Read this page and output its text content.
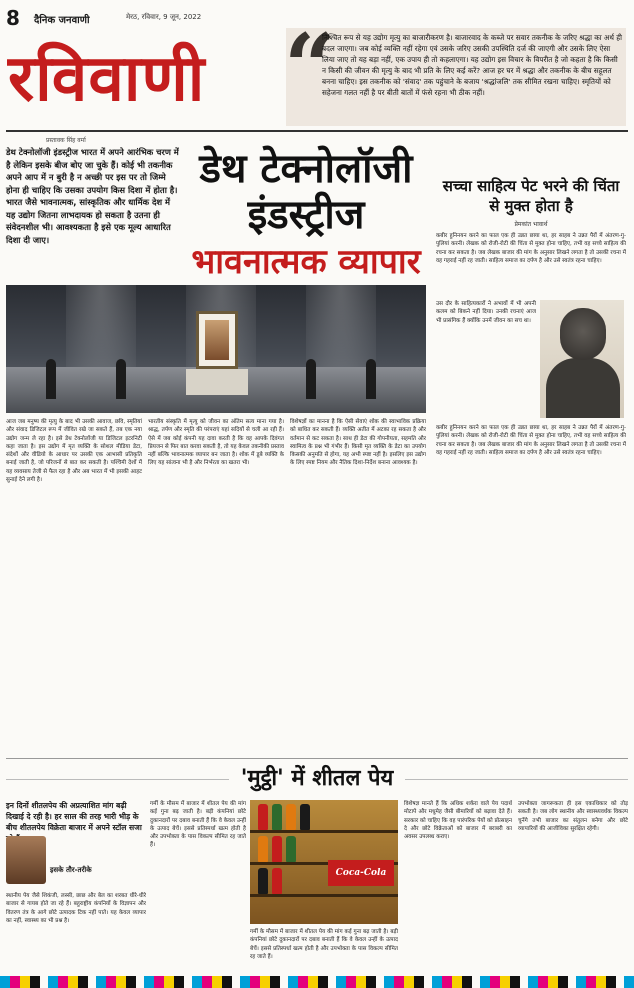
8 दैनिक जनवाणी	मेरठ, रविवार, 9 जून, 2022
रविवाणी “
निश्चित रूप से यह उद्योग मृत्यु का बाजारीकरण है। बाजारवाद के कब्जे पर सवार तकनीक के जरिए श्रद्धा का अर्थ ही बदल जाएगा। जब कोई व्यक्ति नहीं रहेगा एवं उसके जरिए उसकी उपस्थिति दर्ज की जाएगी और उसके लिए ऐसा लिया जाए तो यह बड़ा नहीं, एक उपाय ही तो कहलाएगा। यह उद्योग इस विचार के विपरीत है जो कहता है कि किसी न किसी की जीवन की मृत्यु के बाद भी प्रति के लिए कई करें? आज हर घर में श्रद्धा और तकनीक के बीच सहूलत बनना चाहिए। इस तकनीक को 'संवाद' तक पहुंचाने के बजाय 'श्रद्धांजलि' तक सीमित रखना चाहिए। स्मृतियों को सहेजना गलत नहीं है पर बीती बातों में फंसे रहना भी ठीक नहीं।
प्रस्तावक सिंह वर्मा
डेथ टेक्नोलॉजी इंडस्ट्रीज भारत में अपने आरंभिक चरण में है लेकिन इसके बीज बोए जा चुके हैं। कोई भी तकनीक अपने आप में न बुरी है न अच्छी पर इस पर तो जिम्मे होना ही चाहिए कि उसका उपयोग किस दिशा में होता है। भारत जैसे भावनात्मक, सांस्कृतिक और धार्मिक देश में यह उद्योग जितना लाभदायक हो सकता है उतना ही संवेदनशील भी। आवश्यकता है इसे एक मूल्य आधारित दिशा दी जाए।
डेथ टेक्नोलॉजी
इंडस्ट्रीज
भावनात्मक व्यापार
आज जब मनुष्य की मृत्यु के बाद भी उसकी आवाज, छवि, स्मृतियां और संवाद डिजिटल रूप में जीवित रखे जा सकते हैं, तब एक नया उद्योग जन्म ले रहा है। इसे डेथ टेक्नोलॉजी या डिजिटल इटरनिटी कहा जाता है। इस उद्योग में मृत व्यक्ति के सोशल मीडिया डेटा, संदेशों और वीडियो के आधार पर उसकी एक आभासी प्रतिकृति बनाई जाती है, जो परिजनों से बात कर सकती है। पश्चिमी देशों में यह व्यवसाय तेजी से फैल रहा है और अब भारत में भी इसकी आहट सुनाई देने लगी है।
भारतीय संस्कृति में मृत्यु को जीवन का अंतिम सत्य माना गया है। श्राद्ध, तर्पण और स्मृति की परंपराएं यहां सदियों से चली आ रही हैं। ऐसे में जब कोई कंपनी यह दावा करती है कि वह आपके दिवंगत प्रियजन से फिर बात करवा सकती है, तो यह केवल तकनीकी प्रस्ताव नहीं बल्कि भावनात्मक व्यापार बन जाता है। शोक में डूबे व्यक्ति के लिए यह सांत्वना भी है और निर्भरता का खतरा भी।
विशेषज्ञों का मानना है कि ऐसी सेवाएं शोक की स्वाभाविक प्रक्रिया को बाधित कर सकती हैं। व्यक्ति अतीत में अटका रह सकता है और वर्तमान से कट सकता है। साथ ही डेटा की गोपनीयता, सहमति और स्वामित्व के प्रश्न भी गंभीर हैं। किसी मृत व्यक्ति के डेटा का उपयोग किसकी अनुमति से होगा, यह अभी स्पष्ट नहीं है। इसलिए इस उद्योग के लिए स्पष्ट नियम और नैतिक दिशा-निर्देश बनाना आवश्यक है।
सच्चा साहित्य पेट भरने की चिंता से मुक्त होता है
प्रेमकांत भावार्थ
कबीर हुनिनयन करने का फाल एक ही उन्नत छाया था, हर साहब ने उन्नत पैरों में अंतरण-गु-पुलियां करनी। लेखक को रोजी-रोटी की चिंता से मुक्त होना चाहिए, तभी वह सच्चे साहित्य की रचना कर सकता है। जब लेखक बाजार की मांग के अनुसार लिखने लगता है तो उसकी रचना में वह गहराई नहीं रह जाती। साहित्य समाज का दर्पण है और उसे स्वतंत्र रहना चाहिए।
उस दौर के साहित्यकारों ने अभावों में भी अपनी कलम को बिकने नहीं दिया। उनकी रचनाएं आज भी प्रासंगिक हैं क्योंकि उनमें जीवन का सच था।
कबीर हुनिनयन करने का फाल एक ही उन्नत छाया था, हर साहब ने उन्नत पैरों में अंतरण-गु-पुलियां करनी। लेखक को रोजी-रोटी की चिंता से मुक्त होना चाहिए, तभी वह सच्चे साहित्य की रचना कर सकता है। जब लेखक बाजार की मांग के अनुसार लिखने लगता है तो उसकी रचना में वह गहराई नहीं रह जाती। साहित्य समाज का दर्पण है और उसे स्वतंत्र रहना चाहिए।
'मुट्ठी' में शीतल पेय
इन दिनों शीतलपेय की अप्रत्याशित मांग बढ़ी दिखाई दे रही है। हर साल की तरह भारी भीड़ के बीच शीतलपेय विक्रेता बाजार में अपने स्टॉल सजा
इसके तौर-तरीके
गर्मी के मौसम में बाजार में शीतल पेय की मांग कई गुना बढ़ जाती है। बड़ी कंपनियां छोटे दुकानदारों पर दबाव बनाती हैं कि वे केवल उन्हीं के उत्पाद बेचें। इससे प्रतिस्पर्धा खत्म होती है और उपभोक्ता के पास विकल्प सीमित रह जाते हैं।
स्थानीय पेय जैसे शिकंजी, लस्सी, छाछ और बेल का शरबत धीरे-धीरे बाजार से गायब होते जा रहे हैं। बहुराष्ट्रीय कंपनियों के विज्ञापन और वितरण तंत्र के आगे छोटे उत्पादक टिक नहीं पाते। यह केवल व्यापार का नहीं, स्वास्थ्य का भी प्रश्न है।
Coca-Cola
विशेषज्ञ मानते हैं कि अधिक शर्करा वाले पेय पदार्थ मोटापे और मधुमेह जैसी बीमारियों को बढ़ावा देते हैं। सरकार को चाहिए कि वह पारंपरिक पेयों को प्रोत्साहन दे और छोटे विक्रेताओं को बाजार में बराबरी का अवसर उपलब्ध कराए।
उपभोक्ता जागरूकता ही इस एकाधिकार को तोड़ सकती है। जब लोग स्थानीय और स्वास्थ्यवर्धक विकल्प चुनेंगे तभी बाजार का संतुलन बनेगा और छोटे व्यापारियों की आजीविका सुरक्षित रहेगी।
गर्मी के मौसम में बाजार में शीतल पेय की मांग कई गुना बढ़ जाती है। बड़ी कंपनियां छोटे दुकानदारों पर दबाव बनाती हैं कि वे केवल उन्हीं के उत्पाद बेचें। इससे प्रतिस्पर्धा खत्म होती है और उपभोक्ता के पास विकल्प सीमित रह जाते हैं।
